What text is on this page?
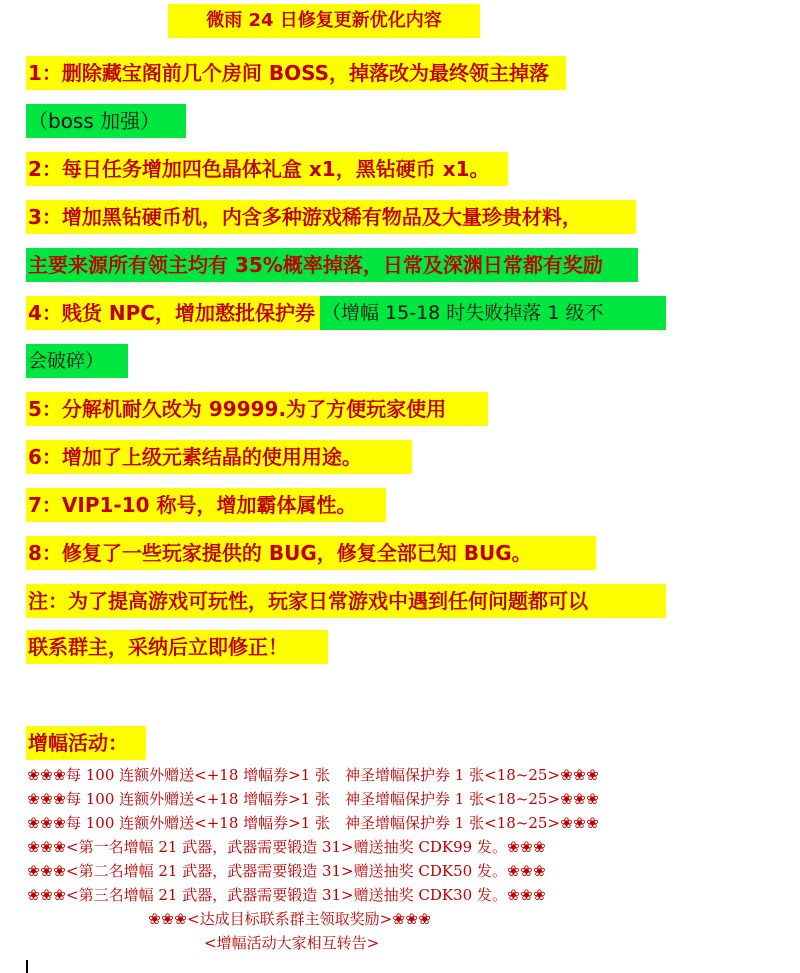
微雨 24 日修复更新优化内容
1：删除藏宝阁前几个房间 BOSS，掉落改为最终领主掉落
（boss 加强）
2：每日任务增加四色晶体礼盒 x1，黑钻硬币 x1。
3：增加黑钻硬币机，内含多种游戏稀有物品及大量珍贵材料，
主要来源所有领主均有 35%概率掉落，日常及深渊日常都有奖励
4：贱货 NPC，增加憨批保护券 （增幅 15-18 时失败掉落 1 级不
会破碎）
5：分解机耐久改为 99999.为了方便玩家使用
6：增加了上级元素结晶的使用用途。
7：VIP1-10 称号，增加霸体属性。
8：修复了一些玩家提供的 BUG，修复全部已知 BUG。
注：为了提高游戏可玩性，玩家日常游戏中遇到任何问题都可以
联系群主，采纳后立即修正！
增幅活动：
❀❀❀每 100 连额外赠送<+18 增幅券>1 张　神圣增幅保护券 1 张<18~25>❀❀❀
❀❀❀每 100 连额外赠送<+18 增幅券>1 张　神圣增幅保护券 1 张<18~25>❀❀❀
❀❀❀每 100 连额外赠送<+18 增幅券>1 张　神圣增幅保护券 1 张<18~25>❀❀❀
❀❀❀<第一名增幅 21 武器，武器需要锻造 31>赠送抽奖 CDK99 发。❀❀❀
❀❀❀<第二名增幅 21 武器，武器需要锻造 31>赠送抽奖 CDK50 发。❀❀❀
❀❀❀<第三名增幅 21 武器，武器需要锻造 31>赠送抽奖 CDK30 发。❀❀❀
❀❀❀<达成目标联系群主领取奖励>❀❀❀
<增幅活动大家相互转告>
